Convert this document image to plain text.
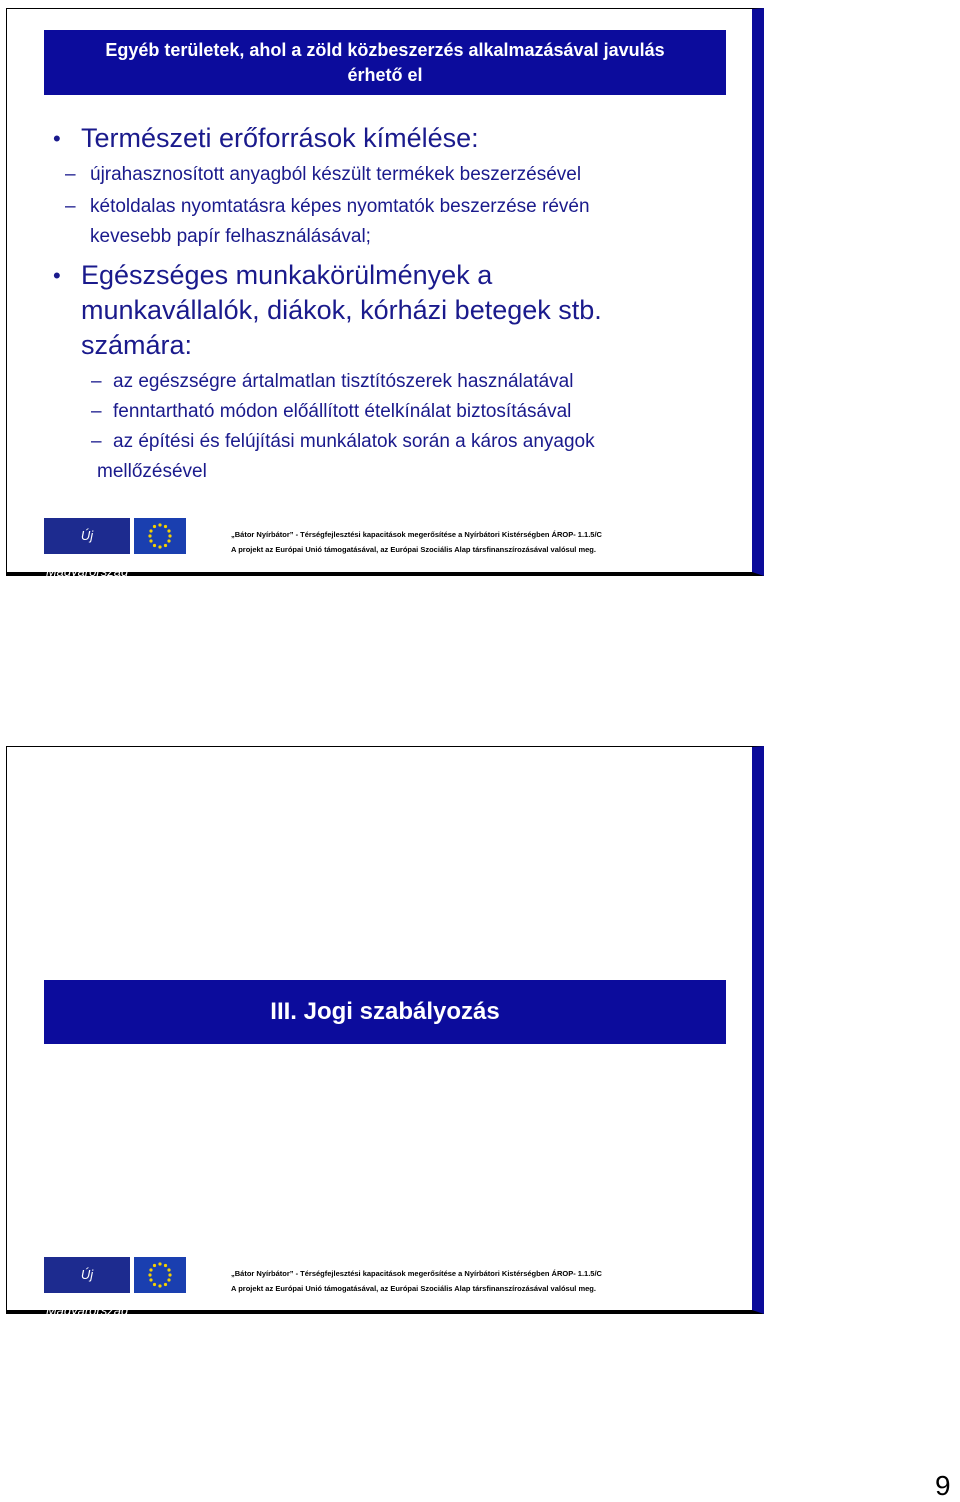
Egyéb területek, ahol a zöld közbeszerzés alkalmazásával javulás
érhető el
• Természeti erőforrások kímélése:
– újrahasznosított anyagból készült termékek beszerzésével
– kétoldalas nyomtatásra képes nyomtatók beszerzése révén
kevesebb papír felhasználásával;
• Egészséges munkakörülmények a
munkavállalók, diákok, kórházi betegek stb.
számára:
– az egészségre ártalmatlan tisztítószerek használatával
– fenntartható módon előállított ételkínálat biztosításával
– az építési és felújítási munkálatok során a káros anyagok
mellőzésével
Új Magyarország
„Bátor Nyírbátor” - Térségfejlesztési kapacitások megerősítése a Nyírbátori Kistérségben ÁROP- 1.1.5/C
A projekt az Európai Unió támogatásával, az Európai Szociális Alap társfinanszírozásával valósul meg.
III. Jogi szabályozás
Új Magyarország
„Bátor Nyírbátor” - Térségfejlesztési kapacitások megerősítése a Nyírbátori Kistérségben ÁROP- 1.1.5/C
A projekt az Európai Unió támogatásával, az Európai Szociális Alap társfinanszírozásával valósul meg.
9
